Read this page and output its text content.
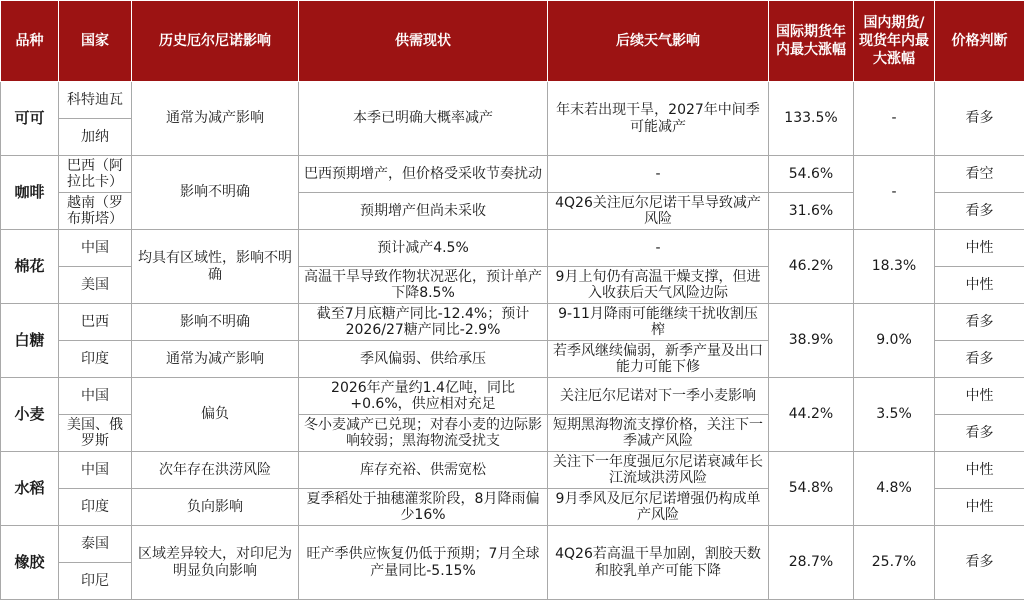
品种	国家	历史厄尔尼诺影响	供需现状	后续天气影响	国际期货年内最大涨幅	国内期货/现货年内最大涨幅	价格判断
可可	科特迪瓦	通常为减产影响	本季已明确大概率减产	年末若出现干旱，2027年中间季可能减产	133.5%	-	看多
	加纳						
咖啡	巴西（阿拉比卡）	影响不明确	巴西预期增产，但价格受采收节奏扰动	-	54.6%	-	看空
	越南（罗布斯塔）		预期增产但尚未采收	4Q26关注厄尔尼诺干旱导致减产风险	31.6%		看多
棉花	中国	均具有区域性，影响不明确	预计减产4.5%	-	46.2%	18.3%	中性
	美国		高温干旱导致作物状况恶化，预计单产下降8.5%	9月上旬仍有高温干燥支撑，但进入收获后天气风险边际			中性
白糖	巴西	影响不明确	截至7月底糖产同比-12.4%；预计2026/27糖产同比-2.9%	9-11月降雨可能继续干扰收割压榨	38.9%	9.0%	看多
	印度	通常为减产影响	季风偏弱、供给承压	若季风继续偏弱，新季产量及出口能力可能下修			看多
小麦	中国	偏负	2026年产量约1.4亿吨，同比+0.6%，供应相对充足	关注厄尔尼诺对下一季小麦影响	44.2%	3.5%	中性
	美国、俄罗斯		冬小麦减产已兑现；对春小麦的边际影响较弱；黑海物流受扰支	短期黑海物流支撑价格，关注下一季减产风险			看多
水稻	中国	次年存在洪涝风险	库存充裕、供需宽松	关注下一年度强厄尔尼诺衰减年长江流域洪涝风险	54.8%	4.8%	中性
	印度	负向影响	夏季稻处于抽穗灌浆阶段，8月降雨偏少16%	9月季风及厄尔尼诺增强仍构成单产风险			中性
橡胶	泰国	区域差异较大，对印尼为明显负向影响	旺产季供应恢复仍低于预期；7月全球产量同比-5.15%	4Q26若高温干旱加剧，割胶天数和胶乳单产可能下降	28.7%	25.7%	看多
	印尼						
